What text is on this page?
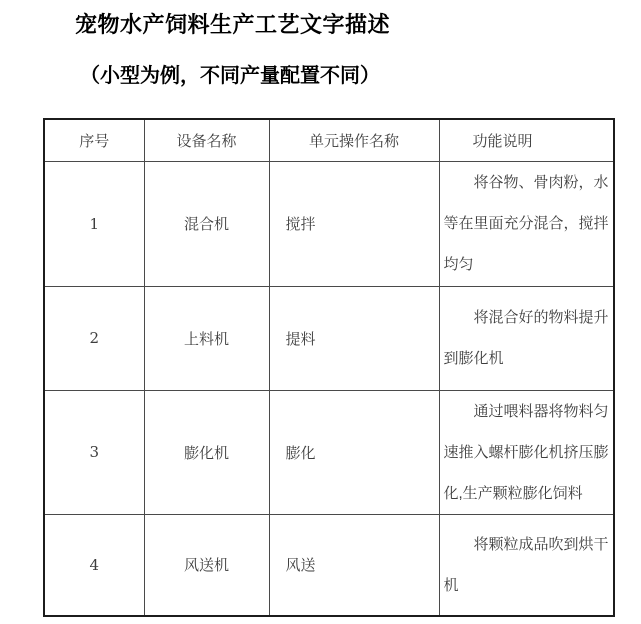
宠物水产饲料生产工艺文字描述
（小型为例，不同产量配置不同）
序号	设备名称	单元操作名称	功能说明
1	混合机	搅拌	将谷物、骨肉粉，水等在里面充分混合，搅拌均匀

2	上料机	提料	将混合好的物料提升到膨化机

3	膨化机	膨化	通过喂料器将物料匀速推入螺杆膨化机挤压膨化,生产颗粒膨化饲料

4	风送机	风送	将颗粒成品吹到烘干机
